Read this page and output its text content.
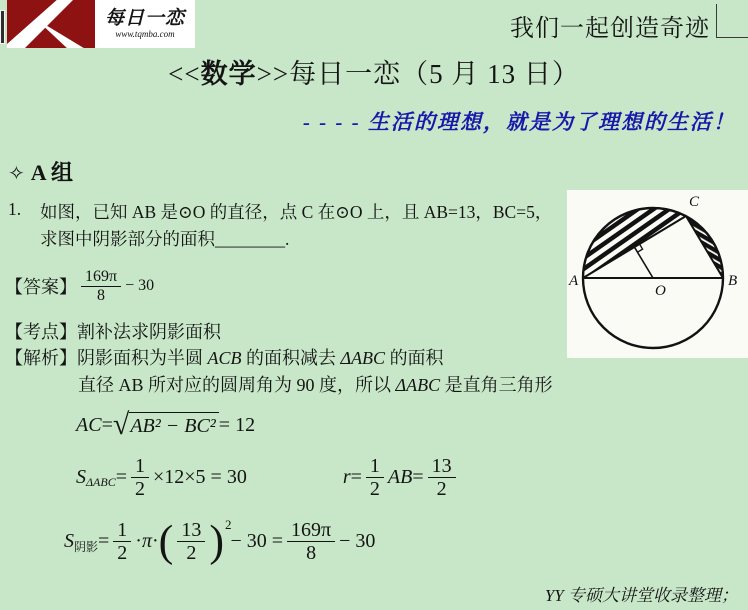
每日一恋
www.tqmba.com	我们一起创造奇迹
<<数学>>每日一恋（5 月 13 日）
- - - - 生活的理想，就是为了理想的生活！
✧ A 组
1.	如图，已知 AB 是⊙O 的直径，点 C 在⊙O 上，且 AB=13，BC=5，
求图中阴影部分的面积________.
【答案】 $\frac{169\pi}{8} - 30$
【考点】割补法求阴影面积
【解析】阴影面积为半圆 ACB 的面积减去 ΔABC 的面积
直径 AB 所对应的圆周角为 90 度，所以 ΔABC 是直角三角形
AC = √ AB² − BC² = 12
S $\Delta ABC = \frac{1}{2} \times 12\times 5 = 30$	$r = \frac{1}{2}$ AB = $\frac{13}{2}$
S 阴影 = $\frac{1}{2} \cdot \pi$ · ( $\frac{13}{2}$ ) 2
− $30 = \frac{169\pi}{8} - 30$
A	B
C
O
YY 专硕大讲堂收录整理；
